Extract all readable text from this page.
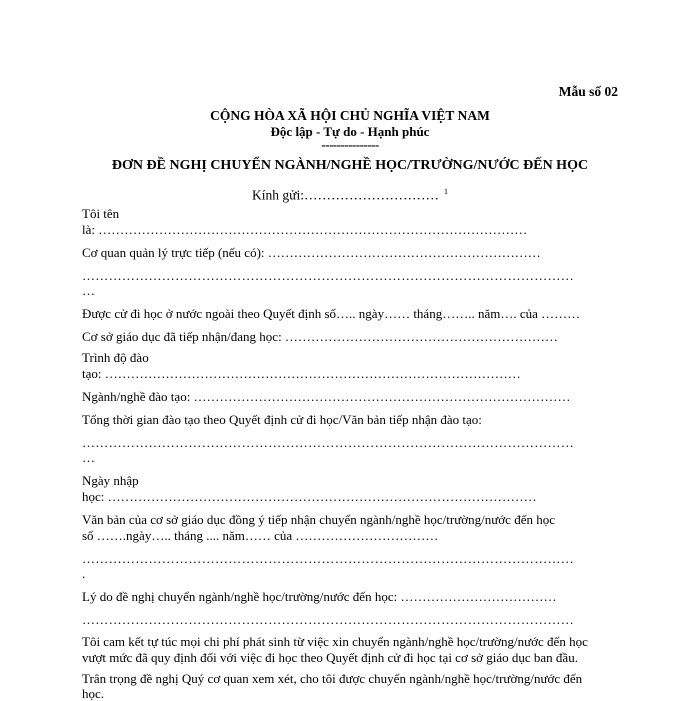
Mẫu số 02
CỘNG HÒA XÃ HỘI CHỦ NGHĨA VIỆT NAM
Độc lập - Tự do - Hạnh phúc
---------------
ĐƠN ĐỀ NGHỊ CHUYỂN NGÀNH/NGHỀ HỌC/TRƯỜNG/NƯỚC ĐẾN HỌC
Kính gửi:………………………… $^1$
Tôi tên
là: ………………………………………………………………………………………
Cơ quan quản lý trực tiếp (nếu có): ………………………………………………………
…………………………………………………………………………………………………
…
Được cử đi học ở nước ngoài theo Quyết định số….. ngày…… tháng…….. năm…. của ………
Cơ sở giáo dục đã tiếp nhận/đang học: ………………………………………………………
Trình độ đào
tạo: ……………………………………………………………………………………
Ngành/nghề đào tạo: ……………………………………………………………………………
Tổng thời gian đào tạo theo Quyết định cử đi học/Văn bản tiếp nhận đào tạo:
…………………………………………………………………………………………………
…
Ngày nhập
học: ………………………………………………………………………………………
Văn bản của cơ sở giáo dục đồng ý tiếp nhận chuyển ngành/nghề học/trường/nước đến học
số …….ngày….. tháng .... năm…… của ……………………………
…………………………………………………………………………………………………
.
Lý do đề nghị chuyển ngành/nghề học/trường/nước đến học: ………………………………
…………………………………………………………………………………………………
Tôi cam kết tự túc mọi chi phí phát sinh từ việc xin chuyển ngành/nghề học/trường/nước đến học
vượt mức đã quy định đối với việc đi học theo Quyết định cử đi học tại cơ sở giáo dục ban đầu.
Trân trọng đề nghị Quý cơ quan xem xét, cho tôi được chuyển ngành/nghề học/trường/nước đến
học.
